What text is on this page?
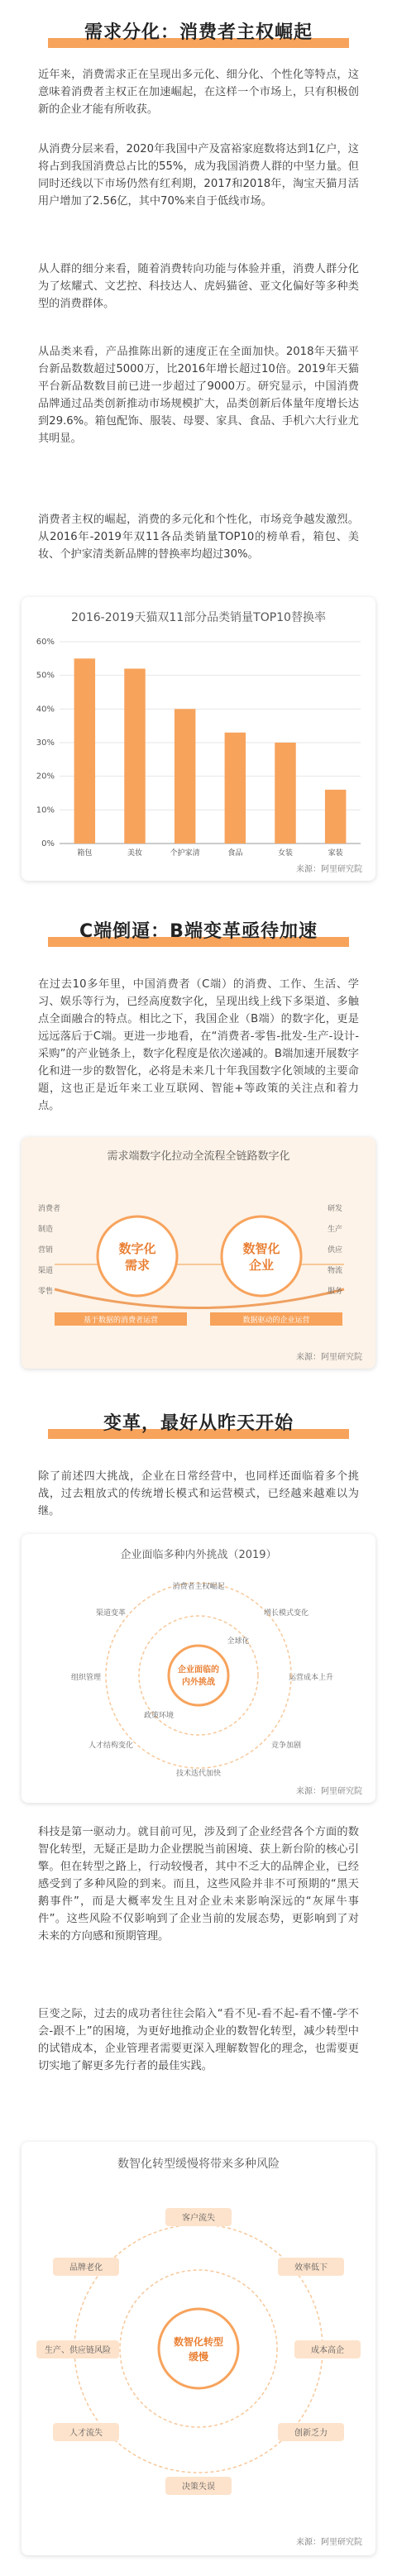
需求分化：消费者主权崛起

近年来，消费需求正在呈现出多元化、细分化、个性化等特点，这意味着消费者主权正在加速崛起，在这样一个市场上，只有积极创新的企业才能有所收获。

从消费分层来看，2020年我国中产及富裕家庭数将达到1亿户，这将占到我国消费总占比的55%，成为我国消费人群的中坚力量。但同时还线以下市场仍然有红利期，2017和2018年，淘宝天猫月活用户增加了2.56亿，其中70%来自于低线市场。

从人群的细分来看，随着消费转向功能与体验并重，消费人群分化为了炫耀式、文艺控、科技达人、虎妈猫爸、亚文化偏好等多种类型的消费群体。

从品类来看，产品推陈出新的速度正在全面加快。2018年天猫平台新品数数超过5000万，比2016年增长超过10倍。2019年天猫平台新品数数目前已进一步超过了9000万。研究显示，中国消费品牌通过品类创新推动市场规模扩大，品类创新后体量年度增长达到29.6%。箱包配饰、服装、母婴、家具、食品、手机六大行业尤其明显。

消费者主权的崛起，消费的多元化和个性化，市场竞争越发激烈。从2016年-2019年双11各品类销量TOP10的榜单看，箱包、美妆、个护家清类新品牌的替换率均超过30%。

2016-2019天猫双11部分品类销量TOP10替换率
0%
10%
20%
30%
40%
50%
60%
箱包	美妆	个护家清	食品	女装	家装
来源：阿里研究院
C端倒逼：B端变革亟待加速

在过去10多年里，中国消费者（C端）的消费、工作、生活、学习、娱乐等行为，已经高度数字化，呈现出线上线下多渠道、多触点全面融合的特点。相比之下，我国企业（B端）的数字化，更是远远落后于C端。更进一步地看，在“消费者-零售-批发-生产-设计-采购”的产业链条上，数字化程度是依次递减的。B端加速开展数字化和进一步的数智化，必将是未来几十年我国数字化领域的主要命题，这也正是近年来工业互联网、智能+等政策的关注点和着力点。

需求端数字化拉动全流程全链路数字化
数字化
需求
数智化
企业
消费者
制造
营销
渠道
零售
研发
生产
供应
物流
服务
基于数据的消费者运营	数据驱动的企业运营
来源：阿里研究院
变革，最好从昨天开始

除了前述四大挑战，企业在日常经营中，也同样还面临着多个挑战，过去粗放式的传统增长模式和运营模式，已经越来越难以为继。

企业面临多种内外挑战（2019）
企业面临的
内外挑战
消费者主权崛起
增长模式变化
运营成本上升
竞争加剧
技术迭代加快
人才结构变化
组织管理
渠道变革
全球化
政策环境
来源：阿里研究院

科技是第一驱动力。就目前可见，涉及到了企业经营各个方面的数智化转型，无疑正是助力企业摆脱当前困境、获上新台阶的核心引擎。但在转型之路上，行动较慢者，其中不乏大的品牌企业，已经感受到了多种风险的到来。而且，这些风险并非不可预期的“黑天鹅事件”，而是大概率发生且对企业未来影响深远的“灰犀牛事件”。这些风险不仅影响到了企业当前的发展态势，更影响到了对未来的方向感和预期管理。

巨变之际，过去的成功者往往会陷入“看不见-看不起-看不懂-学不会-跟不上”的困境，为更好地推动企业的数智化转型，减少转型中的试错成本，企业管理者需要更深入理解数智化的理念，也需要更切实地了解更多先行者的最佳实践。

数智化转型缓慢将带来多种风险
数智化转型
缓慢
客户流失
效率低下
成本高企
创新乏力
决策失误
人才流失
生产、供应链风险
品牌老化
来源：阿里研究院
